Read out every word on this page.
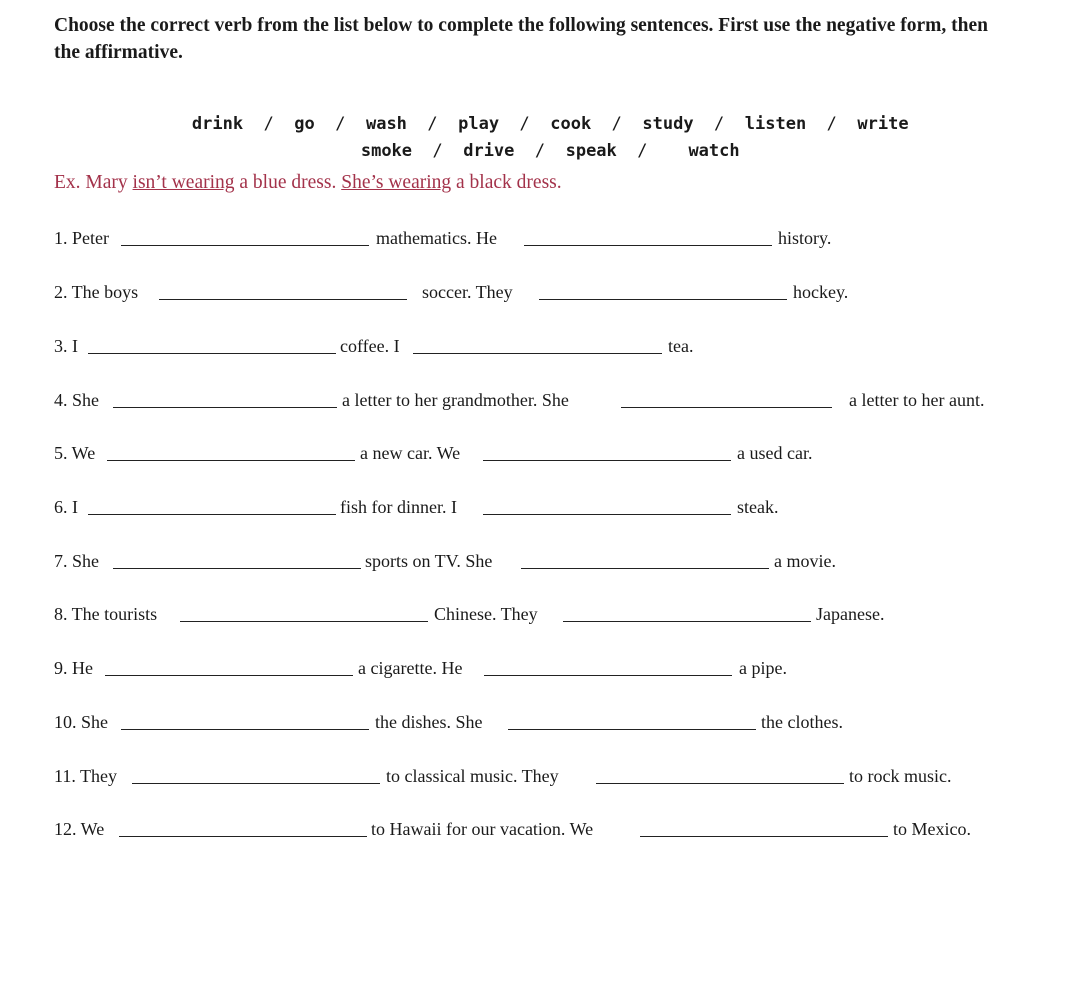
Choose the correct verb from the list below to complete the following sentences. First use the negative form, then the affirmative.

drink  /  go  /  wash  /  play  /  cook  /  study  /  listen  /  write

smoke  /  drive  /  speak  /    watch

Ex. Mary isn’t wearing a blue dress. She’s wearing a black dress.
1. Peter	mathematics. He	history.
2. The boys	soccer. They	hockey.
3. I	coffee. I	tea.
4. She	a letter to her grandmother. She	a letter to her aunt.
5. We	a new car. We	a used car.
6. I	fish for dinner. I	steak.
7. She	sports on TV. She	a movie.
8. The tourists	Chinese. They	Japanese.
9. He	a cigarette. He	a pipe.
10. She	the dishes. She	the clothes.
11. They	to classical music. They	to rock music.
12. We	to Hawaii for our vacation. We	to Mexico.
